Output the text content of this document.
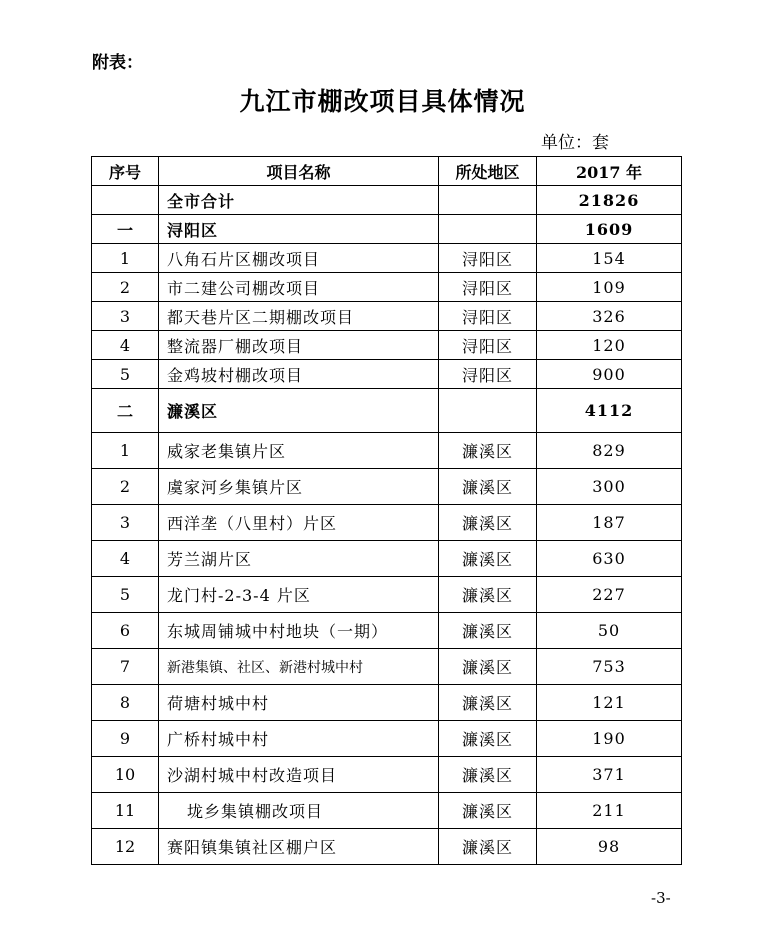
附表：
九江市棚改项目具体情况
单位：套
序号	项目名称	所处地区	2017 年
	全市合计		21826
一	浔阳区		1609
1	八角石片区棚改项目	浔阳区	154
2	市二建公司棚改项目	浔阳区	109
3	都天巷片区二期棚改项目	浔阳区	326
4	整流器厂棚改项目	浔阳区	120
5	金鸡坡村棚改项目	浔阳区	900
二	濂溪区		4112
1	威家老集镇片区	濂溪区	829
2	虞家河乡集镇片区	濂溪区	300
3	西洋垄（八里村）片区	濂溪区	187
4	芳兰湖片区	濂溪区	630
5	龙门村-2-3-4 片区	濂溪区	227
6	东城周铺城中村地块（一期）	濂溪区	50
7	新港集镇、社区、新港村城中村	濂溪区	753
8	荷塘村城中村	濂溪区	121
9	广桥村城中村	濂溪区	190
10	沙湖村城中村改造项目	濂溪区	371
11	垅乡集镇棚改项目	濂溪区	211
12	赛阳镇集镇社区棚户区	濂溪区	98
-3-
